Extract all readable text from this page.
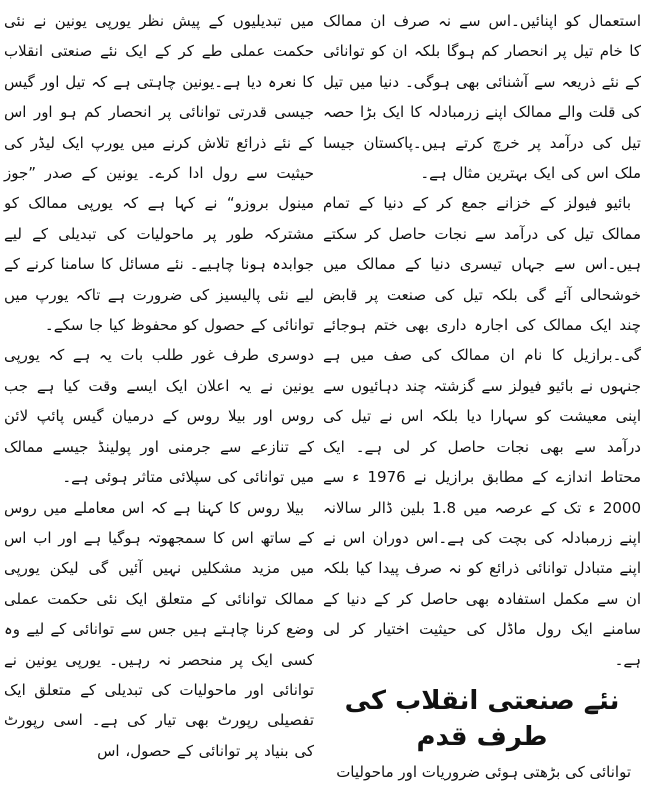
استعمال کو اپنائیں۔اس سے نہ صرف ان ممالک کا خام تیل پر انحصار کم ہوگا بلکہ ان کو توانائی کے نئے ذریعہ سے آشنائی بھی ہوگی۔ دنیا میں تیل کی قلت والے ممالک اپنے زرمبادلہ کا ایک بڑا حصہ تیل کی درآمد پر خرچ کرتے ہیں۔پاکستان جیسا ملک اس کی ایک بہترین مثال ہے۔

بائیو فیولز کے خزانے جمع کر کے دنیا کے تمام ممالک تیل کی درآمد سے نجات حاصل کر سکتے ہیں۔اس سے جہاں تیسری دنیا کے ممالک میں خوشحالی آئے گی بلکہ تیل کی صنعت پر قابض چند ایک ممالک کی اجارہ داری بھی ختم ہوجائے گی۔برازیل کا نام ان ممالک کی صف میں ہے جنہوں نے بائیو فیولز سے گزشتہ چند دہائیوں سے اپنی معیشت کو سہارا دیا بلکہ اس نے تیل کی درآمد سے بھی نجات حاصل کر لی ہے۔ ایک محتاط اندازے کے مطابق برازیل نے 1976 ء سے 2000 ء تک کے عرصہ میں 1.8 بلین ڈالر سالانہ اپنے زرمبادلہ کی بچت کی ہے۔اس دوران اس نے اپنے متبادل توانائی ذرائع کو نہ صرف پیدا کیا بلکہ ان سے مکمل استفادہ بھی حاصل کر کے دنیا کے سامنے ایک رول ماڈل کی حیثیت اختیار کر لی ہے۔

نئے صنعتی انقلاب کی طرف قدم

توانائی کی بڑھتی ہوئی ضروریات اور ماحولیات

میں تبدیلیوں کے پیش نظر یورپی یونین نے نئی حکمت عملی طے کر کے ایک نئے صنعتی انقلاب کا نعرہ دیا ہے۔یونین چاہتی ہے کہ تیل اور گیس جیسی قدرتی توانائی پر انحصار کم ہو اور اس کے نئے ذرائع تلاش کرنے میں یورپ ایک لیڈر کی حیثیت سے رول ادا کرے۔ یونین کے صدر ”جوز مینول بروزو“ نے کہا ہے کہ یورپی ممالک کو مشترکہ طور پر ماحولیات کی تبدیلی کے لیے جوابدہ ہونا چاہیے۔ نئے مسائل کا سامنا کرنے کے لیے نئی پالیسیز کی ضرورت ہے تاکہ یورپ میں توانائی کے حصول کو محفوظ کیا جا سکے۔

دوسری طرف غور طلب بات یہ ہے کہ یورپی یونین نے یہ اعلان ایک ایسے وقت کیا ہے جب روس اور بیلا روس کے درمیان گیس پائپ لائن کے تنازعے سے جرمنی اور پولینڈ جیسے ممالک میں توانائی کی سپلائی متاثر ہوئی ہے۔

بیلا روس کا کہنا ہے کہ اس معاملے میں روس کے ساتھ اس کا سمجھوتہ ہوگیا ہے اور اب اس میں مزید مشکلیں نہیں آئیں گی لیکن یورپی ممالک توانائی کے متعلق ایک نئی حکمت عملی وضع کرنا چاہتے ہیں جس سے توانائی کے لیے وہ کسی ایک پر منحصر نہ رہیں۔ یورپی یونین نے توانائی اور ماحولیات کی تبدیلی کے متعلق ایک تفصیلی رپورٹ بھی تیار کی ہے۔ اسی رپورٹ کی بنیاد پر توانائی کے حصول، اس
